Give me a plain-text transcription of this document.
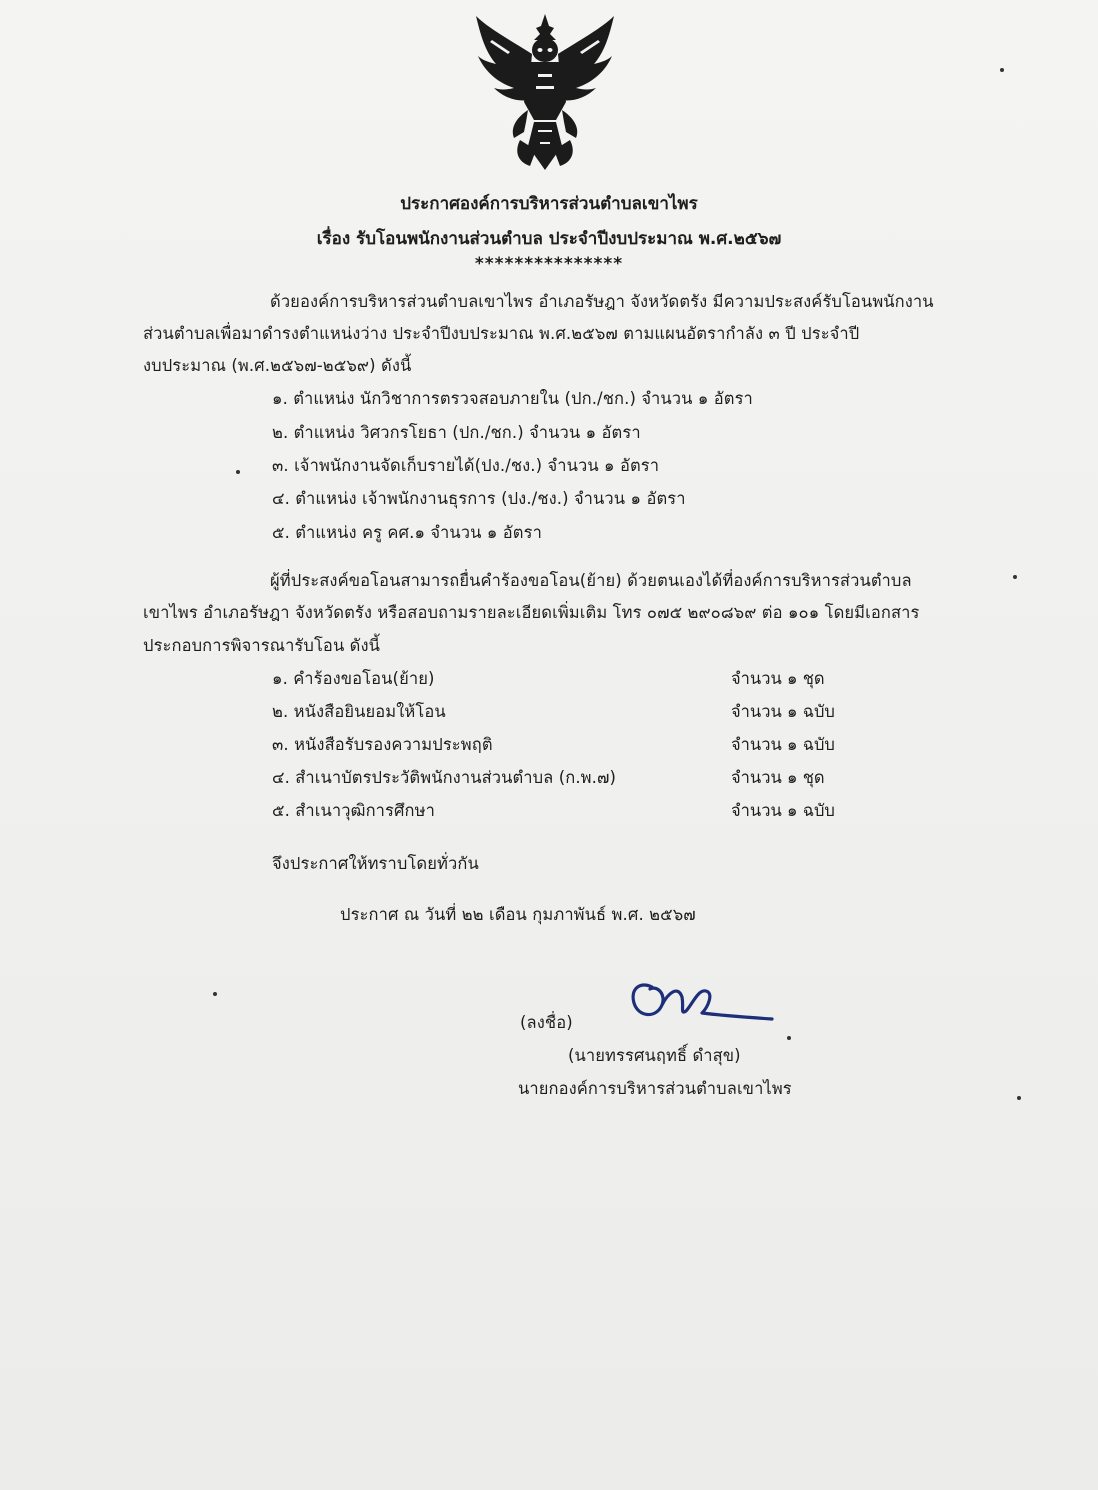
ประกาศองค์การบริหารส่วนตำบลเขาไพร
เรื่อง รับโอนพนักงานส่วนตำบล ประจำปีงบประมาณ พ.ศ.๒๕๖๗
***************
ด้วยองค์การบริหารส่วนตำบลเขาไพร อำเภอรัษฎา จังหวัดตรัง มีความประสงค์รับโอนพนักงาน
ส่วนตำบลเพื่อมาดำรงตำแหน่งว่าง ประจำปีงบประมาณ พ.ศ.๒๕๖๗ ตามแผนอัตรากำลัง ๓ ปี ประจำปี
งบประมาณ (พ.ศ.๒๕๖๗-๒๕๖๙) ดังนี้
๑. ตำแหน่ง นักวิชาการตรวจสอบภายใน (ปก./ชก.) จำนวน ๑ อัตรา
๒. ตำแหน่ง วิศวกรโยธา (ปก./ชก.) จำนวน ๑ อัตรา
๓. เจ้าพนักงานจัดเก็บรายได้(ปง./ชง.) จำนวน ๑ อัตรา
๔. ตำแหน่ง เจ้าพนักงานธุรการ (ปง./ชง.) จำนวน ๑ อัตรา
๕. ตำแหน่ง ครู คศ.๑ จำนวน ๑ อัตรา
ผู้ที่ประสงค์ขอโอนสามารถยื่นคำร้องขอโอน(ย้าย) ด้วยตนเองได้ที่องค์การบริหารส่วนตำบล
เขาไพร อำเภอรัษฎา จังหวัดตรัง หรือสอบถามรายละเอียดเพิ่มเติม โทร ๐๗๕ ๒๙๐๘๖๙ ต่อ ๑๐๑ โดยมีเอกสาร
ประกอบการพิจารณารับโอน ดังนี้
๑. คำร้องขอโอน(ย้าย)	จำนวน ๑ ชุด
๒. หนังสือยินยอมให้โอน	จำนวน ๑ ฉบับ
๓. หนังสือรับรองความประพฤติ	จำนวน ๑ ฉบับ
๔. สำเนาบัตรประวัติพนักงานส่วนตำบล (ก.พ.๗)	จำนวน ๑ ชุด
๕. สำเนาวุฒิการศึกษา	จำนวน ๑ ฉบับ
จึงประกาศให้ทราบโดยทั่วกัน
ประกาศ ณ วันที่ ๒๒ เดือน กุมภาพันธ์ พ.ศ. ๒๕๖๗
(ลงชื่อ)
(นายทรรศนฤทธิ์ ดำสุข)
นายกองค์การบริหารส่วนตำบลเขาไพร
